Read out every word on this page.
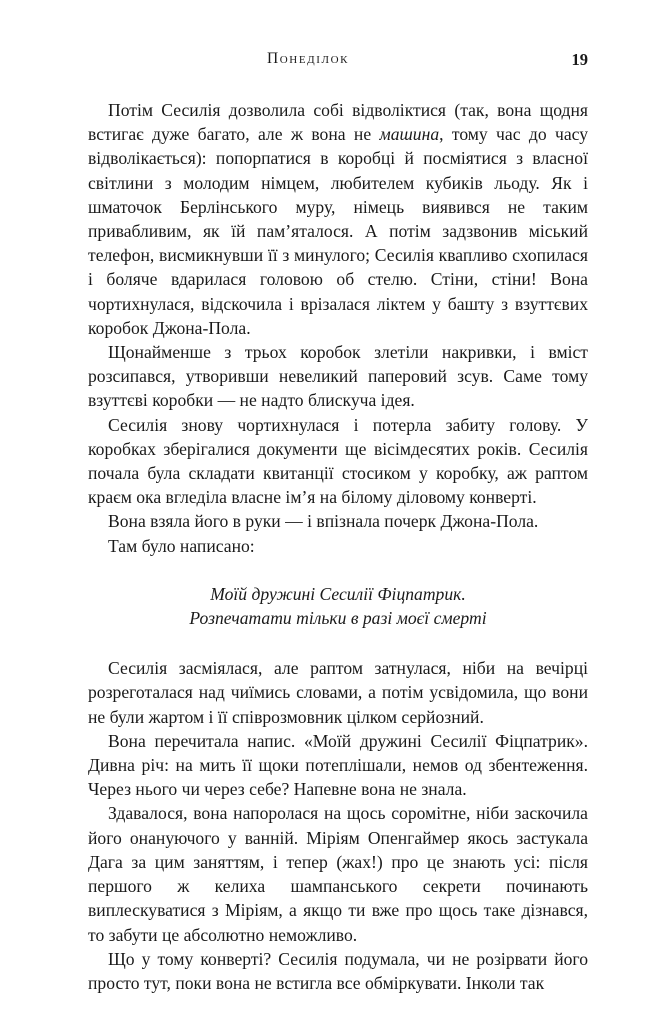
Понеділок	19

Потім Сесилія дозволила собі відволіктися (так, вона щодня встигає дуже багато, але ж вона не машина, тому час до часу відволікається): попорпатися в коробці й посміятися з власної світлини з молодим німцем, любителем кубиків льоду. Як і шматочок Берлінського муру, німець виявився не таким привабливим, як їй пам’яталося. А потім задзвонив міський телефон, висмикнувши її з минулого; Сесилія квапливо схопилася і боляче вдарилася головою об стелю. Стіни, стіни! Вона чортихнулася, відскочила і врізалася ліктем у башту з взуттєвих коробок Джона-Пола.

Щонайменше з трьох коробок злетіли накривки, і вміст розсипався, утворивши невеликий паперовий зсув. Саме тому взуттєві коробки — не надто блискуча ідея.

Сесилія знову чортихнулася і потерла забиту голову. У коробках зберігалися документи ще вісімдесятих років. Сесилія почала була складати квитанції стосиком у коробку, аж раптом краєм ока вгледіла власне ім’я на білому діловому конверті.

Вона взяла його в руки — і впізнала почерк Джона-Пола.

Там було написано:

Моїй дружині Сесилії Фіцпатрик.
Розпечатати тільки в разі моєї смерті

Сесилія засміялася, але раптом затнулася, ніби на вечірці розреготалася над чиїмись словами, а потім усвідомила, що вони не були жартом і її співрозмовник цілком серйозний.

Вона перечитала напис. «Моїй дружині Сесилії Фіцпатрик». Дивна річ: на мить її щоки потеплішали, немов од збентеження. Через нього чи через себе? Напевне вона не знала.

Здавалося, вона напоролася на щось соромітне, ніби заскочила його онануючого у ванній. Міріям Опенгаймер якось застукала Дага за цим заняттям, і тепер (жах!) про це знають усі: після першого ж келиха шампанського секрети починають виплескуватися з Міріям, а якщо ти вже про щось таке дізнався, то забути це абсолютно неможливо.

Що у тому конверті? Сесилія подумала, чи не розірвати його просто тут, поки вона не встигла все обміркувати. Інколи так
